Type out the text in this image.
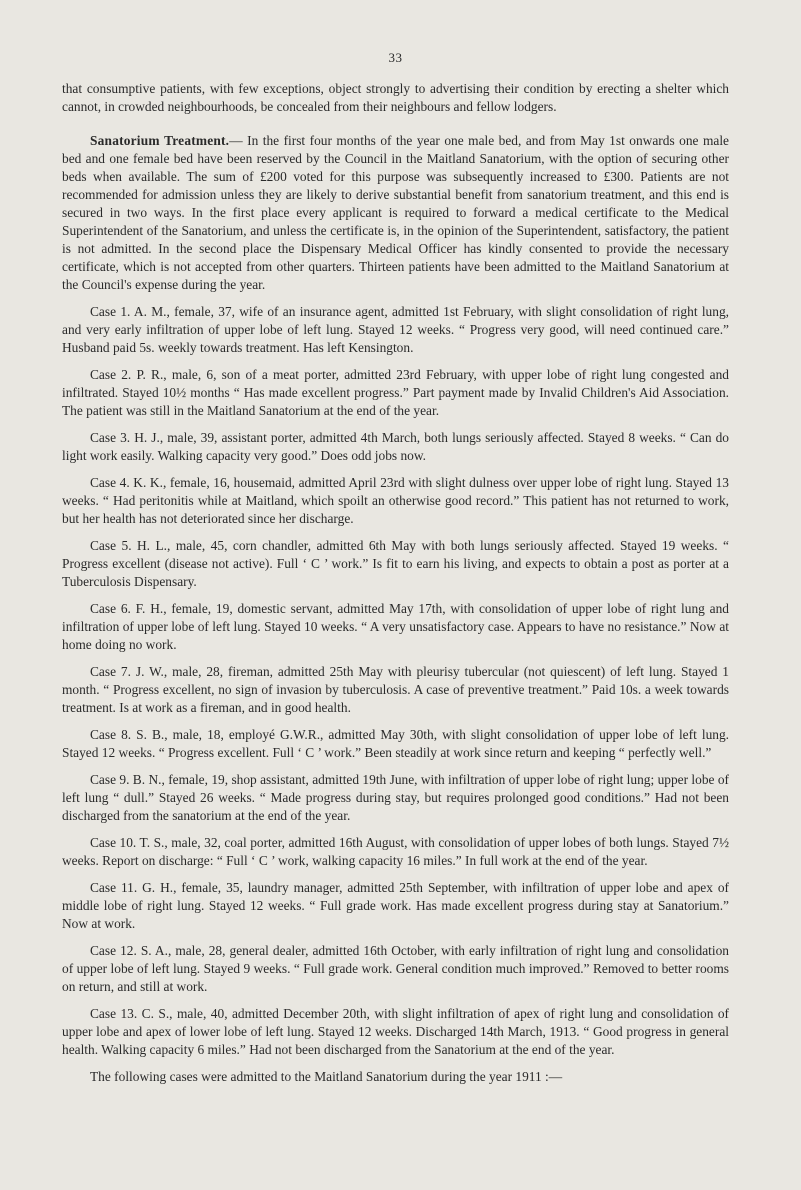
33

that consumptive patients, with few exceptions, object strongly to advertising their condition by erecting a shelter which cannot, in crowded neighbourhoods, be concealed from their neighbours and fellow lodgers.

Sanatorium Treatment.— In the first four months of the year one male bed, and from May 1st onwards one male bed and one female bed have been reserved by the Council in the Maitland Sanatorium, with the option of securing other beds when available. The sum of £200 voted for this purpose was subsequently increased to £300. Patients are not recommended for admission unless they are likely to derive substantial benefit from sanatorium treatment, and this end is secured in two ways. In the first place every applicant is required to forward a medical certificate to the Medical Superintendent of the Sanatorium, and unless the certificate is, in the opinion of the Superintendent, satisfactory, the patient is not admitted. In the second place the Dispensary Medical Officer has kindly consented to provide the necessary certificate, which is not accepted from other quarters. Thirteen patients have been admitted to the Maitland Sanatorium at the Council's expense during the year.

Case 1. A. M., female, 37, wife of an insurance agent, admitted 1st February, with slight consolidation of right lung, and very early infiltration of upper lobe of left lung. Stayed 12 weeks. “ Progress very good, will need continued care.” Husband paid 5s. weekly towards treatment. Has left Kensington.

Case 2. P. R., male, 6, son of a meat porter, admitted 23rd February, with upper lobe of right lung congested and infiltrated. Stayed 10½ months “ Has made excellent progress.” Part payment made by Invalid Children's Aid Association. The patient was still in the Maitland Sanatorium at the end of the year.

Case 3. H. J., male, 39, assistant porter, admitted 4th March, both lungs seriously affected. Stayed 8 weeks. “ Can do light work easily. Walking capacity very good.” Does odd jobs now.

Case 4. K. K., female, 16, housemaid, admitted April 23rd with slight dulness over upper lobe of right lung. Stayed 13 weeks. “ Had peritonitis while at Maitland, which spoilt an otherwise good record.” This patient has not returned to work, but her health has not deteriorated since her discharge.

Case 5. H. L., male, 45, corn chandler, admitted 6th May with both lungs seriously affected. Stayed 19 weeks. “ Progress excellent (disease not active). Full ‘ C ’ work.” Is fit to earn his living, and expects to obtain a post as porter at a Tuberculosis Dispensary.

Case 6. F. H., female, 19, domestic servant, admitted May 17th, with consolidation of upper lobe of right lung and infiltration of upper lobe of left lung. Stayed 10 weeks. “ A very unsatisfactory case. Appears to have no resistance.” Now at home doing no work.

Case 7. J. W., male, 28, fireman, admitted 25th May with pleurisy tubercular (not quiescent) of left lung. Stayed 1 month. “ Progress excellent, no sign of invasion by tuberculosis. A case of preventive treatment.” Paid 10s. a week towards treatment. Is at work as a fireman, and in good health.

Case 8. S. B., male, 18, employé G.W.R., admitted May 30th, with slight consolidation of upper lobe of left lung. Stayed 12 weeks. “ Progress excellent. Full ‘ C ’ work.” Been steadily at work since return and keeping “ perfectly well.”

Case 9. B. N., female, 19, shop assistant, admitted 19th June, with infiltration of upper lobe of right lung; upper lobe of left lung “ dull.” Stayed 26 weeks. “ Made progress during stay, but requires prolonged good conditions.” Had not been discharged from the sanatorium at the end of the year.

Case 10. T. S., male, 32, coal porter, admitted 16th August, with consolidation of upper lobes of both lungs. Stayed 7½ weeks. Report on discharge: “ Full ‘ C ’ work, walking capacity 16 miles.” In full work at the end of the year.

Case 11. G. H., female, 35, laundry manager, admitted 25th September, with infiltration of upper lobe and apex of middle lobe of right lung. Stayed 12 weeks. “ Full grade work. Has made excellent progress during stay at Sanatorium.” Now at work.

Case 12. S. A., male, 28, general dealer, admitted 16th October, with early infiltration of right lung and consolidation of upper lobe of left lung. Stayed 9 weeks. “ Full grade work. General condition much improved.” Removed to better rooms on return, and still at work.

Case 13. C. S., male, 40, admitted December 20th, with slight infiltration of apex of right lung and consolidation of upper lobe and apex of lower lobe of left lung. Stayed 12 weeks. Discharged 14th March, 1913. “ Good progress in general health. Walking capacity 6 miles.” Had not been discharged from the Sanatorium at the end of the year.

The following cases were admitted to the Maitland Sanatorium during the year 1911 :—
